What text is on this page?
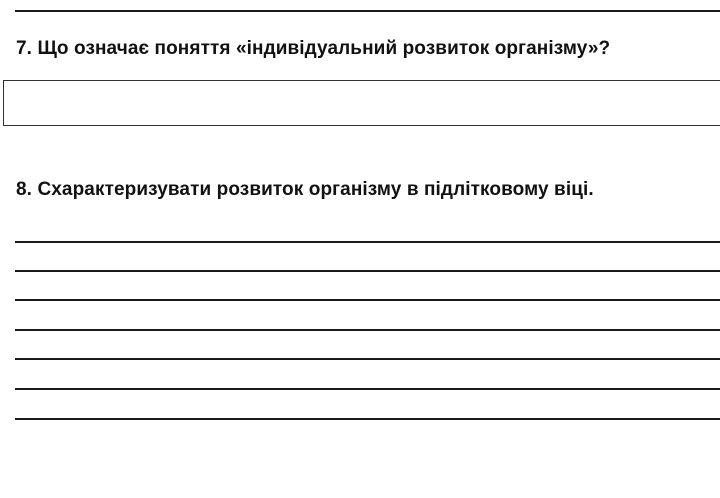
7. Що означає поняття «індивідуальний розвиток організму»?
8. Схарактеризувати розвиток організму в підлітковому віці.
